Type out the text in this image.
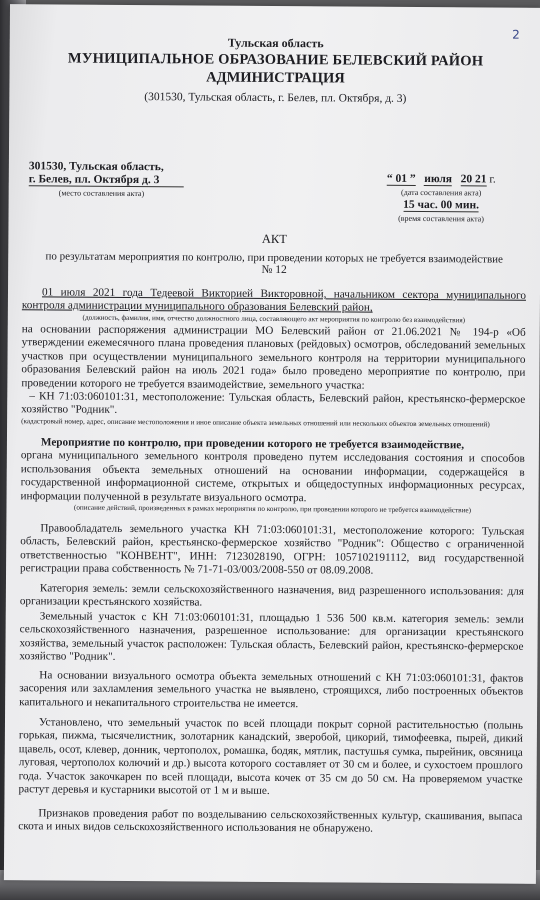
2
Тульская область
МУНИЦИПАЛЬНОЕ ОБРАЗОВАНИЕ БЕЛЕВСКИЙ РАЙОН
АДМИНИСТРАЦИЯ
(301530, Тульская область, г. Белев, пл. Октября, д. 3)
301530, Тульская область,
г. Белев, пл. Октября д. 3
(место составления акта)
“ 01 ” июля 20 21 г.
(дата составления акта)
15 час. 00 мин.
(время составления акта)
АКТ
по результатам мероприятия по контролю, при проведении которых не требуется взаимодействие
№ 12
01 июля 2021 года Тедеевой Викторией Викторовной, начальником сектора муниципального контроля администрации муниципального образования Белевский район,
(должность, фамилия, имя, отчество должностного лица, составляющего акт мероприятия по контролю без взаимодействия)
на основании распоряжения администрации МО Белевский район от 21.06.2021 № 194-р «Об утверждении ежемесячного плана проведения плановых (рейдовых) осмотров, обследований земельных участков при осуществлении муниципального земельного контроля на территории муниципального образования Белевский район на июль 2021 года» было проведено мероприятие по контролю, при проведении которого не требуется взаимодействие, земельного участка:
– КН 71:03:060101:31, местоположение: Тульская область, Белевский район, крестьянско-фермерское хозяйство "Родник".
(кадастровый номер, адрес, описание местоположения и иное описание объекта земельных отношений или нескольких объектов земельных отношений)
Мероприятие по контролю, при проведении которого не требуется взаимодействие,
органа муниципального земельного контроля проведено путем исследования состояния и способов использования объекта земельных отношений на основании информации, содержащейся в государственной информационной системе, открытых и общедоступных информационных ресурсах, информации полученной в результате визуального осмотра.
(описание действий, произведенных в рамках мероприятия по контролю, при проведении которого не требуется взаимодействие)
Правообладатель земельного участка КН 71:03:060101:31, местоположение которого: Тульская область, Белевский район, крестьянско-фермерское хозяйство "Родник": Общество с ограниченной ответственностью "КОНВЕНТ", ИНН: 7123028190, ОГРН: 1057102191112, вид государственной регистрации права собственность № 71-71-03/003/2008-550 от 08.09.2008.
Категория земель: земли сельскохозяйственного назначения, вид разрешенного использования: для организации крестьянского хозяйства.
Земельный участок с КН 71:03:060101:31, площадью 1 536 500 кв.м. категория земель: земли сельскохозяйственного назначения, разрешенное использование: для организации крестьянского хозяйства, земельный участок расположен: Тульская область, Белевский район, крестьянско-фермерское хозяйство "Родник".
На основании визуального осмотра объекта земельных отношений с КН 71:03:060101:31, фактов засорения или захламления земельного участка не выявлено, строящихся, либо построенных объектов капитального и некапитального строительства не имеется.
Установлено, что земельный участок по всей площади покрыт сорной растительностью (полынь горькая, пижма, тысячелистник, золотарник канадский, зверобой, цикорий, тимофеевка, пырей, дикий щавель, осот, клевер, донник, чертополох, ромашка, бодяк, мятлик, пастушья сумка, пырейник, овсяница луговая, чертополох колючий и др.) высота которого составляет от 30 см и более, и сухостоем прошлого года. Участок закочкарен по всей площади, высота кочек от 35 см до 50 см. На проверяемом участке растут деревья и кустарники высотой от 1 м и выше.
Признаков проведения работ по возделыванию сельскохозяйственных культур, скашивания, выпаса скота и иных видов сельскохозяйственного использования не обнаружено.
